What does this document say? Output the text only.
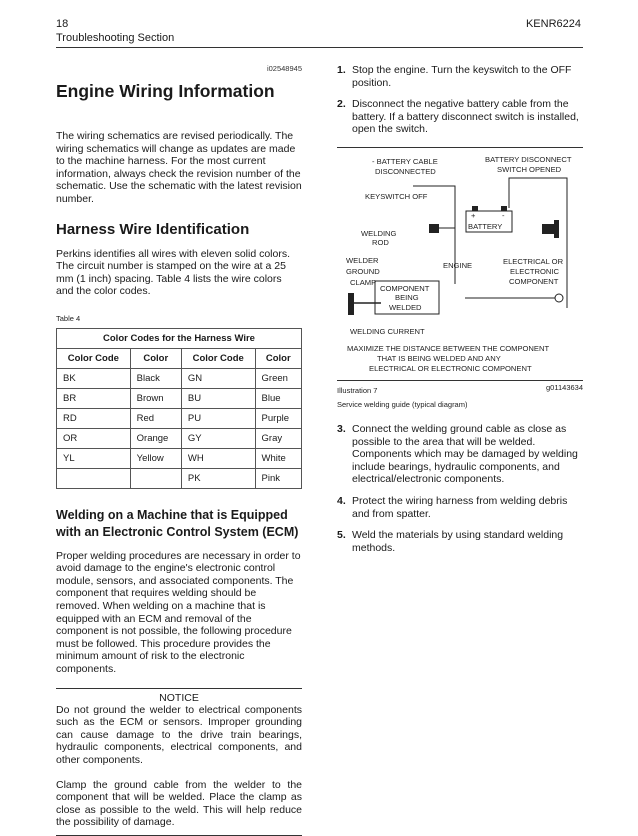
18	KENR6224
Troubleshooting Section
i02548945
Engine Wiring Information

The wiring schematics are revised periodically. The wiring schematics will change as updates are made to the machine harness. For the most current information, always check the revision number of the schematic. Use the schematic with the latest revision number.

Harness Wire Identification

Perkins identifies all wires with eleven solid colors. The circuit number is stamped on the wire at a 25 mm (1 inch) spacing. Table 4 lists the wire colors and the color codes.

Table 4
Color Codes for the Harness Wire			
Color Code	Color	Color Code	Color
BK	Black	GN	Green
BR	Brown	BU	Blue
RD	Red	PU	Purple
OR	Orange	GY	Gray
YL	Yellow	WH	White
		PK	Pink
Welding on a Machine that is Equipped with an Electronic Control System (ECM)

Proper welding procedures are necessary in order to avoid damage to the engine's electronic control module, sensors, and associated components. The component that requires welding should be removed. When welding on a machine that is equipped with an ECM and removal of the component is not possible, the following procedure must be followed. This procedure provides the minimum amount of risk to the electronic components.

NOTICE

Do not ground the welder to electrical components such as the ECM or sensors. Improper grounding can cause damage to the drive train bearings, hydraulic components, electrical components, and other components.

Clamp the ground cable from the welder to the component that will be welded. Place the clamp as close as possible to the weld. This will help reduce the possibility of damage.

1. Stop the engine. Turn the keyswitch to the OFF position.
2. Disconnect the negative battery cable from the battery. If a battery disconnect switch is installed, open the switch.
+	-
BATTERY
- BATTERY CABLE
DISCONNECTED
BATTERY DISCONNECT
SWITCH OPENED
KEYSWITCH OFF
WELDING
ROD
WELDER
GROUND
CLAMP
ENGINE	ELECTRICAL OR
ELECTRONIC
COMPONENT
COMPONENT
BEING
WELDED
WELDING CURRENT
MAXIMIZE THE DISTANCE BETWEEN THE COMPONENT
THAT IS BEING WELDED AND ANY
ELECTRICAL OR ELECTRONIC COMPONENT
Illustration 7	g01143634
Service welding guide (typical diagram)
3. Connect the welding ground cable as close as possible to the area that will be welded. Components which may be damaged by welding include bearings, hydraulic components, and electrical/electronic components.
4. Protect the wiring harness from welding debris and from spatter.
5. Weld the materials by using standard welding methods.
